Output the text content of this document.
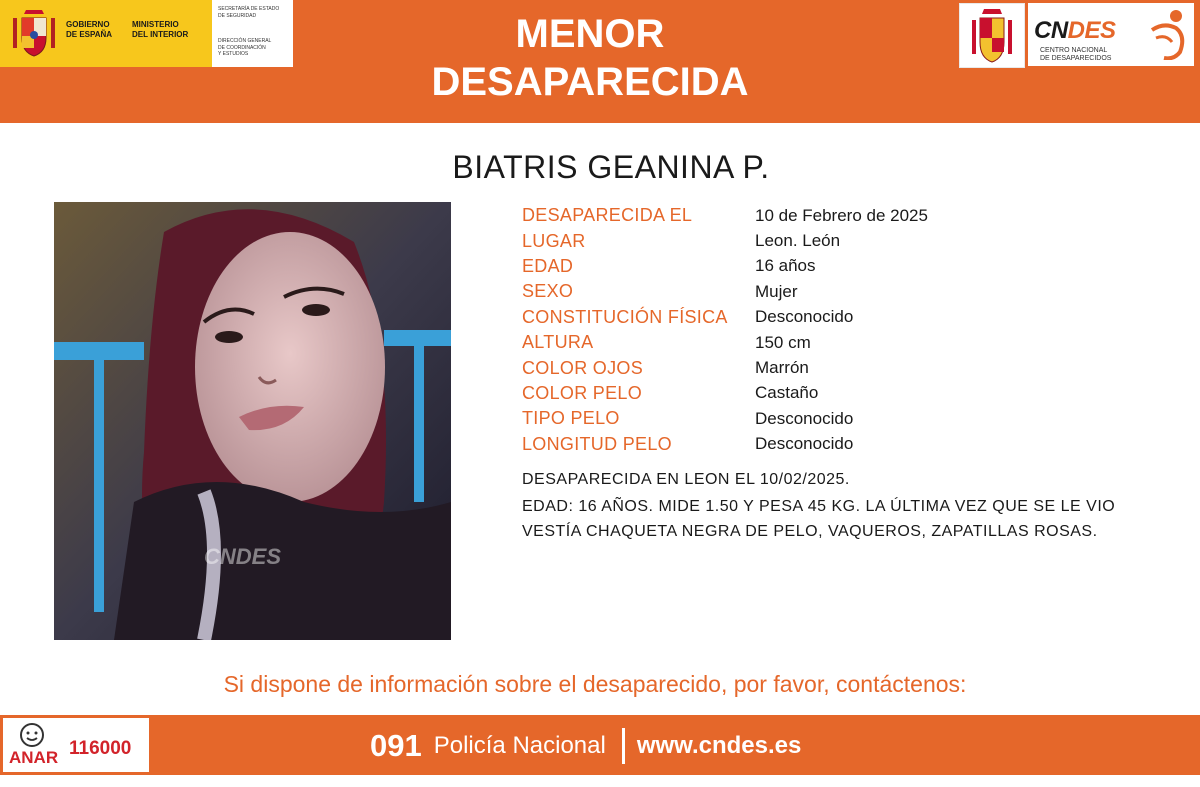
GOBIERNO
DE ESPAÑA
MINISTERIO
DEL INTERIOR
SECRETARÍA DE ESTADO
DE SEGURIDAD
DIRECCIÓN GENERAL
DE COORDINACIÓN
Y ESTUDIOS	MENOR
DESAPARECIDA
CNDES
CENTRO NACIONAL
DE DESAPARECIDOS
BIATRIS GEANINA P.
CNDES
DESAPARECIDA EL	10 de Febrero de 2025
LUGAR	Leon. León
EDAD	16 años
SEXO	Mujer
CONSTITUCIÓN FÍSICA	Desconocido
ALTURA	150 cm
COLOR OJOS	Marrón
COLOR PELO	Castaño
TIPO PELO	Desconocido
LONGITUD PELO	Desconocido

DESAPARECIDA EN LEON EL 10/02/2025.

EDAD: 16 AÑOS. MIDE 1.50 Y PESA 45 KG. LA ÚLTIMA VEZ QUE SE LE VIO

VESTÍA CHAQUETA NEGRA DE PELO, VAQUEROS, ZAPATILLAS ROSAS.

Si dispone de información sobre el desaparecido, por favor, contáctenos:
ANAR 116000	091 Policía Nacional www.cndes.es
